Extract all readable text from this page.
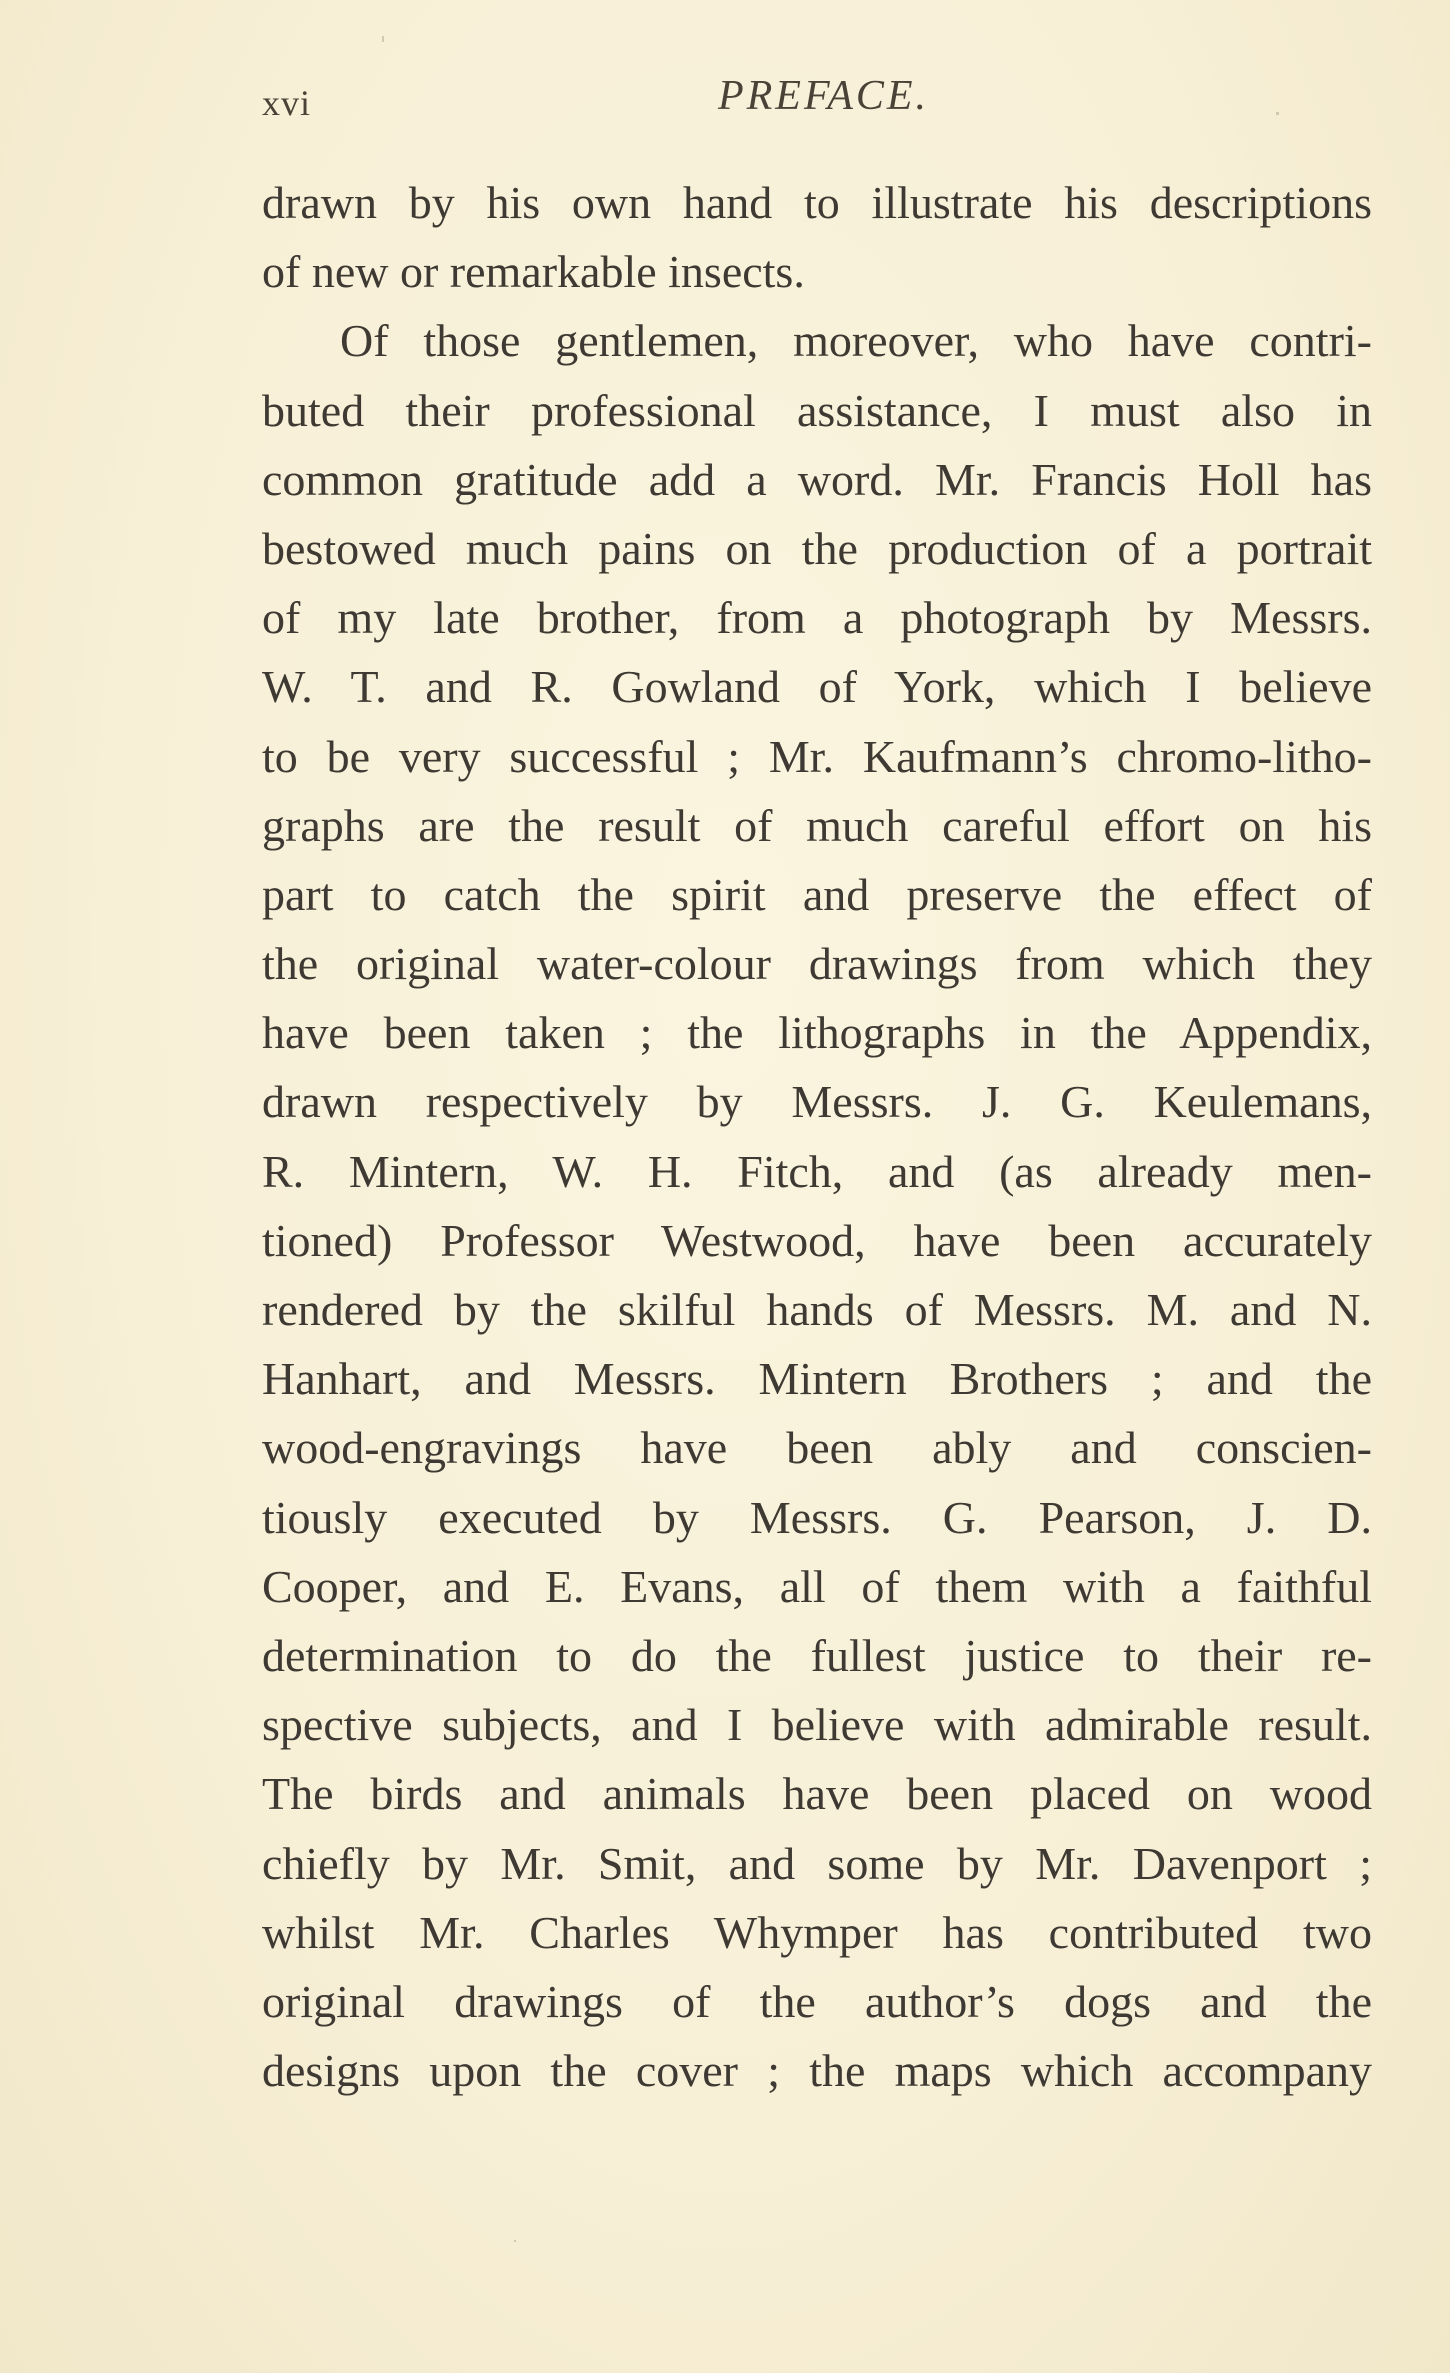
xvi	PREFACE.
drawn by his own hand to illustrate his descriptions
of new or remarkable insects.
Of those gentlemen, moreover, who have contri-
buted their professional assistance, I must also in
common gratitude add a word. Mr. Francis Holl has
bestowed much pains on the production of a portrait
of my late brother, from a photograph by Messrs.
W. T. and R. Gowland of York, which I believe
to be very successful ; Mr. Kaufmann’s chromo-litho-
graphs are the result of much careful effort on his
part to catch the spirit and preserve the effect of
the original water-colour drawings from which they
have been taken ; the lithographs in the Appendix,
drawn respectively by Messrs. J. G. Keulemans,
R. Mintern, W. H. Fitch, and (as already men-
tioned) Professor Westwood, have been accurately
rendered by the skilful hands of Messrs. M. and N.
Hanhart, and Messrs. Mintern Brothers ; and the
wood-engravings have been ably and conscien-
tiously executed by Messrs. G. Pearson, J. D.
Cooper, and E. Evans, all of them with a faithful
determination to do the fullest justice to their re-
spective subjects, and I believe with admirable result.
The birds and animals have been placed on wood
chiefly by Mr. Smit, and some by Mr. Davenport ;
whilst Mr. Charles Whymper has contributed two
original drawings of the author’s dogs and the
designs upon the cover ; the maps which accompany
